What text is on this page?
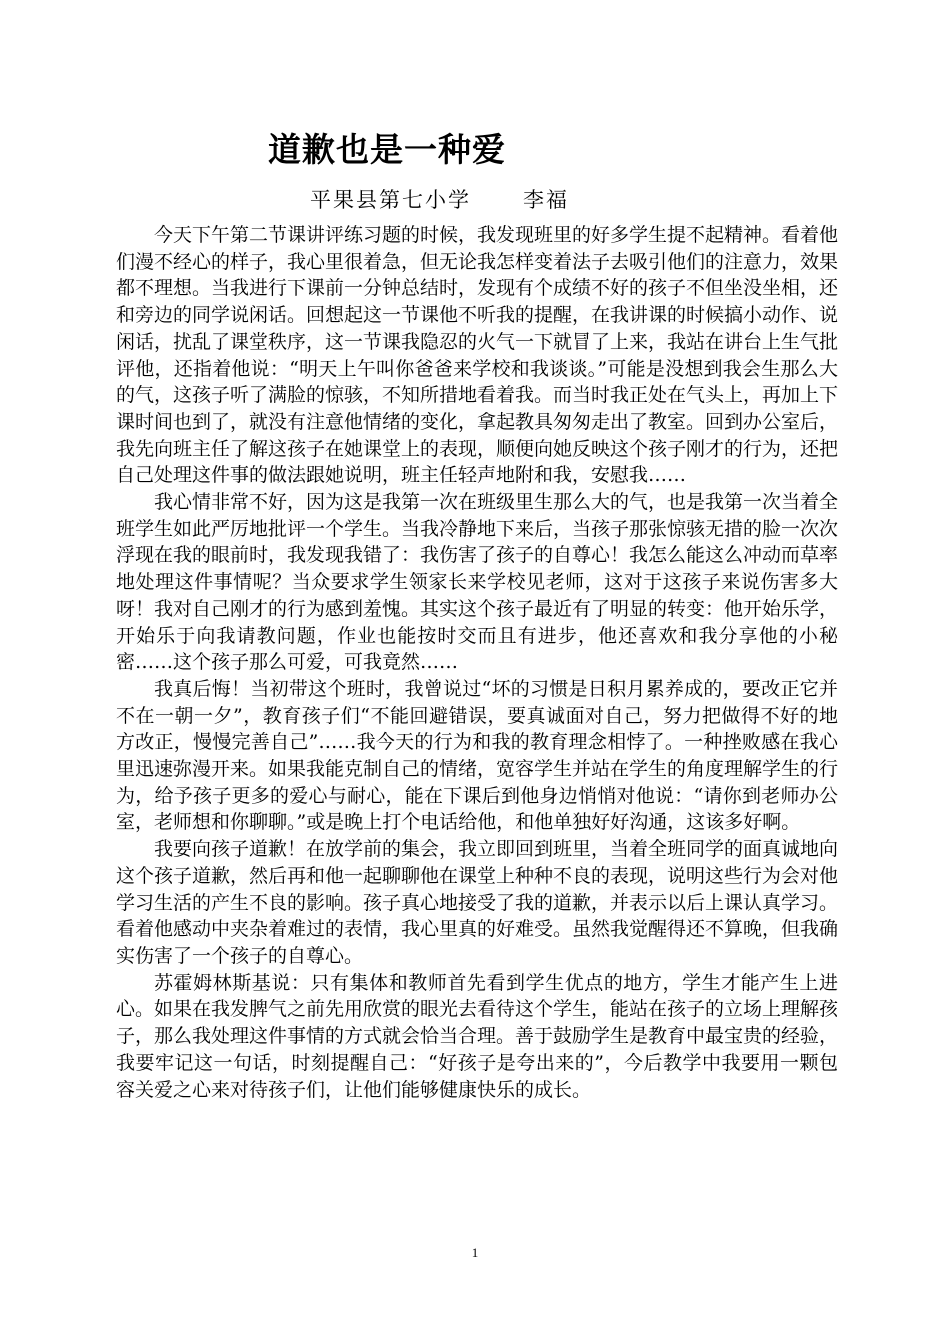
道歉也是一种爱
平果县第七小学 李福

今天下午第二节课讲评练习题的时候，我发现班里的好多学生提不起精神。看着他们漫不经心的样子，我心里很着急，但无论我怎样变着法子去吸引他们的注意力，效果都不理想。当我进行下课前一分钟总结时，发现有个成绩不好的孩子不但坐没坐相，还和旁边的同学说闲话。回想起这一节课他不听我的提醒，在我讲课的时候搞小动作、说闲话，扰乱了课堂秩序，这一节课我隐忍的火气一下就冒了上来，我站在讲台上生气批评他，还指着他说：“明天上午叫你爸爸来学校和我谈谈。”可能是没想到我会生那么大的气，这孩子听了满脸的惊骇，不知所措地看着我。而当时我正处在气头上，再加上下课时间也到了，就没有注意他情绪的变化，拿起教具匆匆走出了教室。回到办公室后，我先向班主任了解这孩子在她课堂上的表现，顺便向她反映这个孩子刚才的行为，还把自己处理这件事的做法跟她说明，班主任轻声地附和我，安慰我……

我心情非常不好，因为这是我第一次在班级里生那么大的气，也是我第一次当着全班学生如此严厉地批评一个学生。当我冷静地下来后，当孩子那张惊骇无措的脸一次次浮现在我的眼前时，我发现我错了：我伤害了孩子的自尊心！我怎么能这么冲动而草率地处理这件事情呢？当众要求学生领家长来学校见老师，这对于这孩子来说伤害多大呀！我对自己刚才的行为感到羞愧。其实这个孩子最近有了明显的转变：他开始乐学，开始乐于向我请教问题，作业也能按时交而且有进步，他还喜欢和我分享他的小秘密……这个孩子那么可爱，可我竟然……

我真后悔！当初带这个班时，我曾说过“坏的习惯是日积月累养成的，要改正它并不在一朝一夕”，教育孩子们“不能回避错误，要真诚面对自己，努力把做得不好的地方改正，慢慢完善自己”……我今天的行为和我的教育理念相悖了。一种挫败感在我心里迅速弥漫开来。如果我能克制自己的情绪，宽容学生并站在学生的角度理解学生的行为，给予孩子更多的爱心与耐心，能在下课后到他身边悄悄对他说：“请你到老师办公室，老师想和你聊聊。”或是晚上打个电话给他，和他单独好好沟通，这该多好啊。

我要向孩子道歉！在放学前的集会，我立即回到班里，当着全班同学的面真诚地向这个孩子道歉，然后再和他一起聊聊他在课堂上种种不良的表现，说明这些行为会对他学习生活的产生不良的影响。孩子真心地接受了我的道歉，并表示以后上课认真学习。看着他感动中夹杂着难过的表情，我心里真的好难受。虽然我觉醒得还不算晚，但我确实伤害了一个孩子的自尊心。

苏霍姆林斯基说：只有集体和教师首先看到学生优点的地方，学生才能产生上进心。如果在我发脾气之前先用欣赏的眼光去看待这个学生，能站在孩子的立场上理解孩子，那么我处理这件事情的方式就会恰当合理。善于鼓励学生是教育中最宝贵的经验，我要牢记这一句话，时刻提醒自己：“好孩子是夸出来的”，今后教学中我要用一颗包容关爱之心来对待孩子们，让他们能够健康快乐的成长。

1
